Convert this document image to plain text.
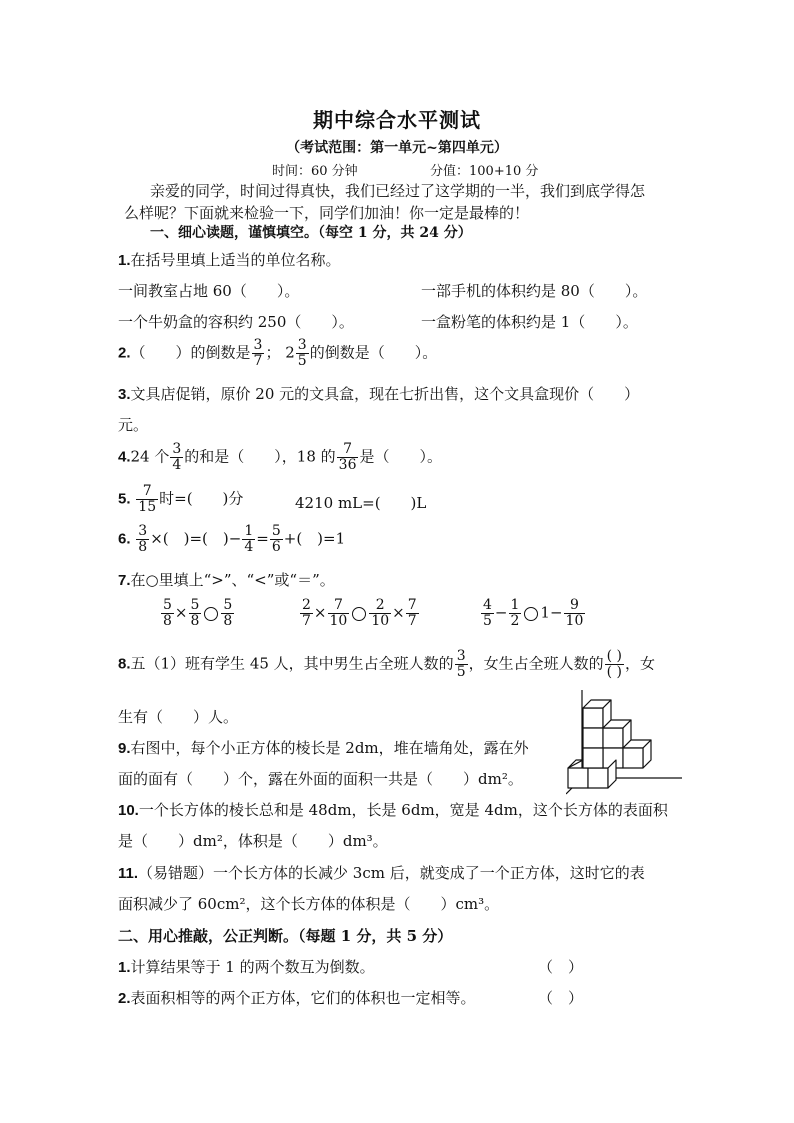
期中综合水平测试
（考试范围：第一单元~第四单元）
时间：60 分钟	分值：100+10 分
亲爱的同学，时间过得真快，我们已经过了这学期的一半，我们到底学得怎
么样呢？下面就来检验一下，同学们加油！你一定是最棒的！
一、细心读题，谨慎填空。（每空 1 分，共 24 分）
1.在括号里填上适当的单位名称。
一间教室占地 60（　　）。	一部手机的体积约是 80（　　）。
一个牛奶盒的容积约 250（　　）。	一盒粉笔的体积约是 1（　　）。
2.（　　）的倒数是 $\frac{3}{7}$ ； $2 \frac{3}{5}$ 的倒数是（　　）。
3.文具店促销，原价 20 元的文具盒，现在七折出售，这个文具盒现价（　　）
元。
4.24 个 $\frac{3}{4}$ 的和是（　　），18 的 $\frac{7}{36}$ 是（　　）。
5. $\frac{7}{15}$ 时=(　　)分	4210 mL=(　　)L
6. $\frac{3}{8}$ ×(　)=(　)− $\frac{1}{4} = \frac{5}{6}$ +(　)=1
7.在○里填上“>”、“<”或“＝”。
$\frac{5}{8} \times \frac{5}{8} \frac{5}{8}$	$\frac{2}{7} \times \frac{7}{10} \frac{2}{10} \times \frac{7}{7}$	$\frac{4}{5} - \frac{1}{2} 1- \frac{9}{10}$
8.五（1）班有学生 45 人，其中男生占全班人数的 $\frac{3}{5}$ ，女生占全班人数的 $\frac{( )}{( )}$ ，女
生有（　　）人。
9.右图中，每个小正方体的棱长是 2dm，堆在墙角处，露在外
面的面有（　　）个，露在外面的面积一共是（　　）dm²。
10.一个长方体的棱长总和是 48dm，长是 6dm，宽是 4dm，这个长方体的表面积
是（　　）dm²，体积是（　　）dm³。
11.（易错题）一个长方体的长减少 3cm 后，就变成了一个正方体，这时它的表
面积减少了 60cm²，这个长方体的体积是（　　）cm³。
二、用心推敲，公正判断。（每题 1 分，共 5 分）
1.计算结果等于 1 的两个数互为倒数。	（　）
2.表面积相等的两个正方体，它们的体积也一定相等。	（　）
